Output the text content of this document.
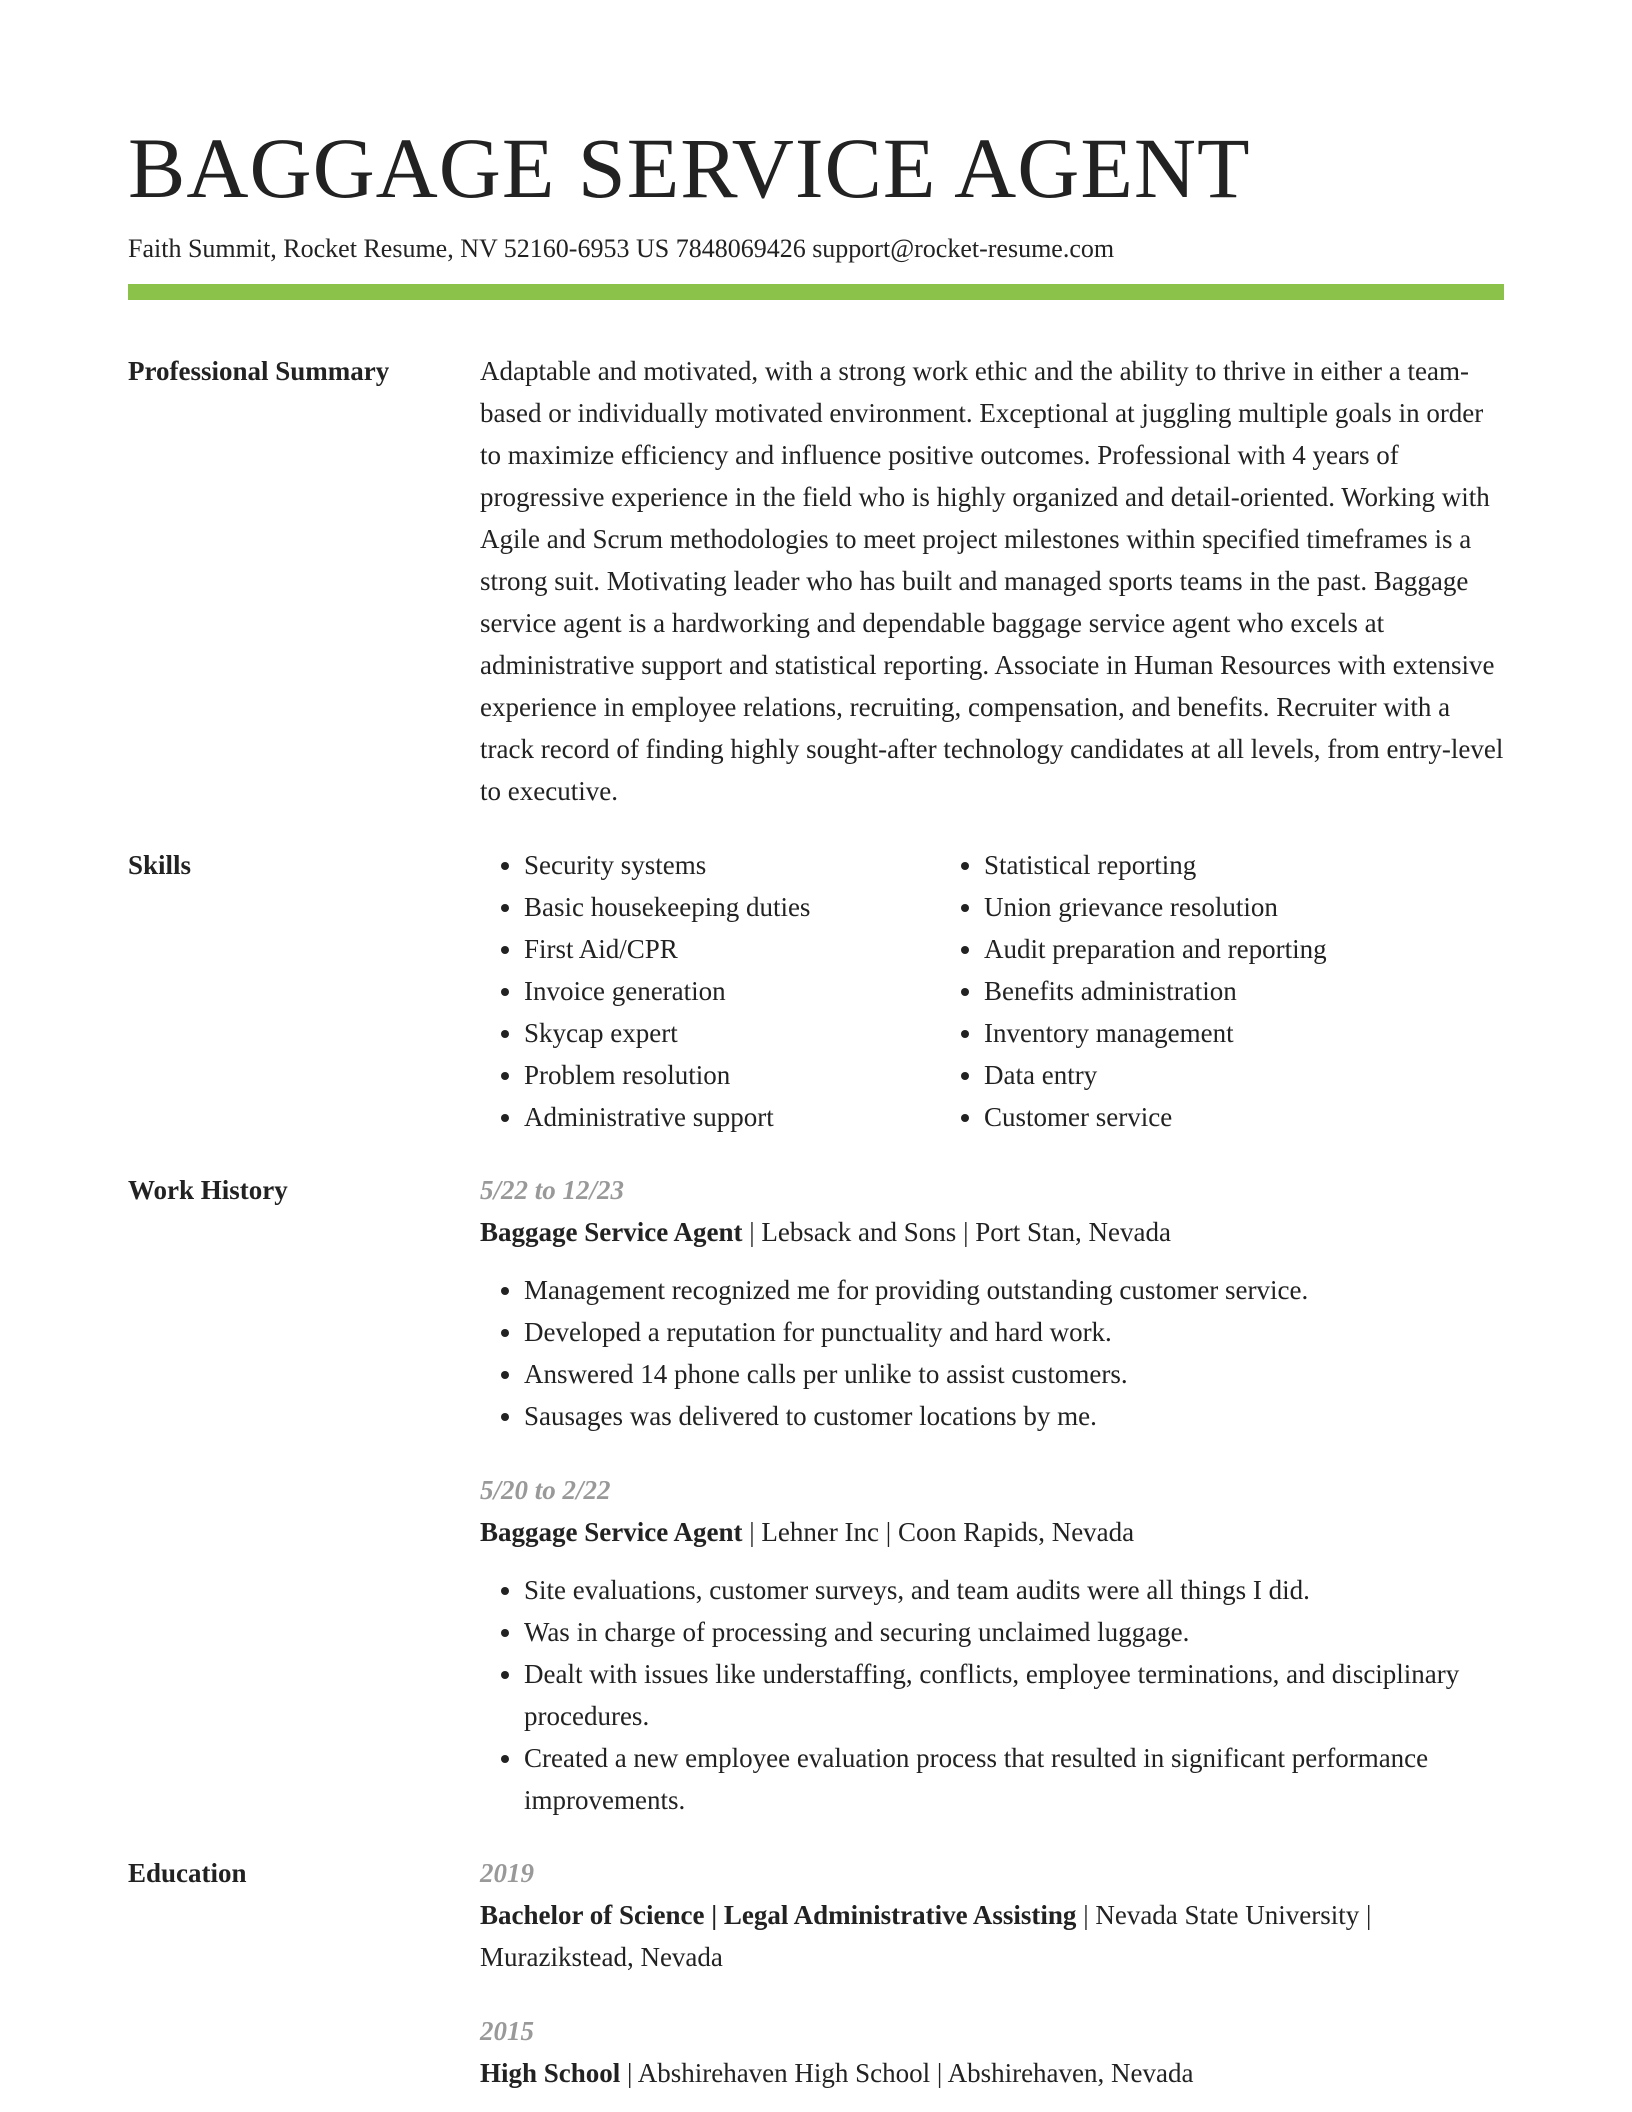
BAGGAGE SERVICE AGENT
Faith Summit, Rocket Resume, NV 52160-6953 US 7848069426 support@rocket-resume.com
Professional Summary	Adaptable and motivated, with a strong work ethic and the ability to thrive in either a team-based or individually motivated environment. Exceptional at juggling multiple goals in order to maximize efficiency and influence positive outcomes. Professional with 4 years of progressive experience in the field who is highly organized and detail-oriented. Working with Agile and Scrum methodologies to meet project milestones within specified timeframes is a strong suit. Motivating leader who has built and managed sports teams in the past. Baggage service agent is a hardworking and dependable baggage service agent who excels at administrative support and statistical reporting. Associate in Human Resources with extensive experience in employee relations, recruiting, compensation, and benefits. Recruiter with a track record of finding highly sought-after technology candidates at all levels, from entry-level to executive.

Skills
•	Security systems
• Basic housekeeping duties
• First Aid/CPR
• Invoice generation
• Skycap expert
• Problem resolution
• Administrative support
• Statistical reporting
• Union grievance resolution
• Audit preparation and reporting
• Benefits administration
• Inventory management
• Data entry
• Customer service
Work History	5/22 to 12/23
Baggage Service Agent | Lebsack and Sons | Port Stan, Nevada
• Management recognized me for providing outstanding customer service.
• Developed a reputation for punctuality and hard work.
• Answered 14 phone calls per unlike to assist customers.
• Sausages was delivered to customer locations by me.
5/20 to 2/22
Baggage Service Agent | Lehner Inc | Coon Rapids, Nevada
• Site evaluations, customer surveys, and team audits were all things I did.
• Was in charge of processing and securing unclaimed luggage.
• Dealt with issues like understaffing, conflicts, employee terminations, and disciplinary procedures.
• Created a new employee evaluation process that resulted in significant performance improvements.
Education	2019
Bachelor of Science | Legal Administrative Assisting | Nevada State University | Murazikstead, Nevada
2015
High School | Abshirehaven High School | Abshirehaven, Nevada
